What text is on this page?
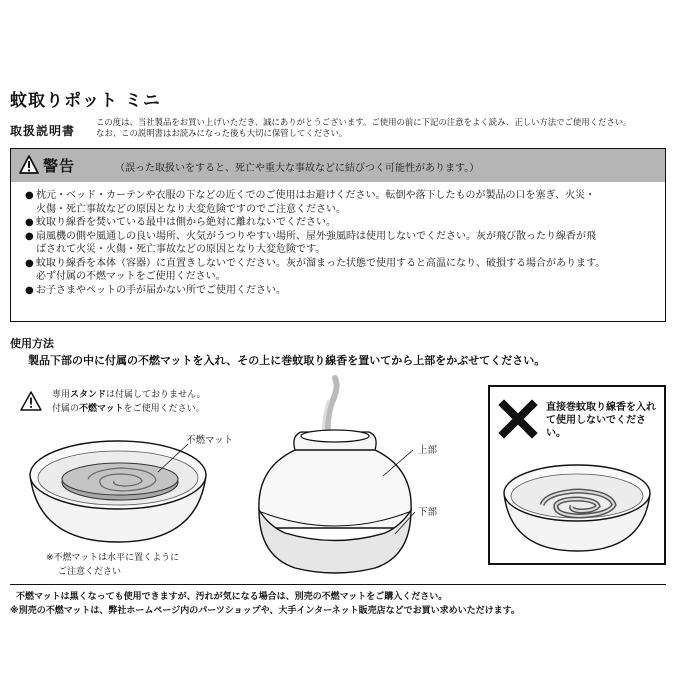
蚊取りポット ミニ
取扱説明書
この度は、当社製品をお買い上げいただき、誠にありがとうございます。ご使用の前に下記の注意をよく読み、正しい方法でご使用ください。
なお、この説明書はお読みになった後も大切に保管してください。
警告	（誤った取扱いをすると、死亡や重大な事故などに結びつく可能性があります。）
● 枕元・ベッド・カーテンや衣服の下などの近くでのご使用はお避けください。転倒や落下したものが製品の口を塞ぎ、火災・
火傷・死亡事故などの原因となり大変危険ですのでご注意ください。
● 蚊取り線香を焚いている最中は側から絶対に離れないでください。
● 扇風機の側や風通しの良い場所、火気がうつりやすい場所、屋外強風時は使用しないでください。灰が飛び散ったり線香が飛
ばされて火災・火傷・死亡事故などの原因となり大変危険です。
● 蚊取り線香を本体（容器）に直置きしないでください。灰が溜まった状態で使用すると高温になり、破損する場合があります。
必ず付属の不燃マットをご使用ください。
● お子さまやペットの手が届かない所でご使用ください。
使用方法
製品下部の中に付属の不燃マットを入れ、その上に巻蚊取り線香を置いてから上部をかぶせてください。
専用スタンドは付属しておりません。
付属の不燃マットをご使用ください。
不燃マット
※不燃マットは水平に置くように
ご注意ください
上部
下部
直接巻蚊取り線香を入れて使用しないでください。
不燃マットは黒くなっても使用できますが、汚れが気になる場合は、別売の不燃マットをご購入ください。
※別売の不燃マットは、弊社ホームページ内のパーツショップや、大手インターネット販売店などでお買い求めいただけます。
